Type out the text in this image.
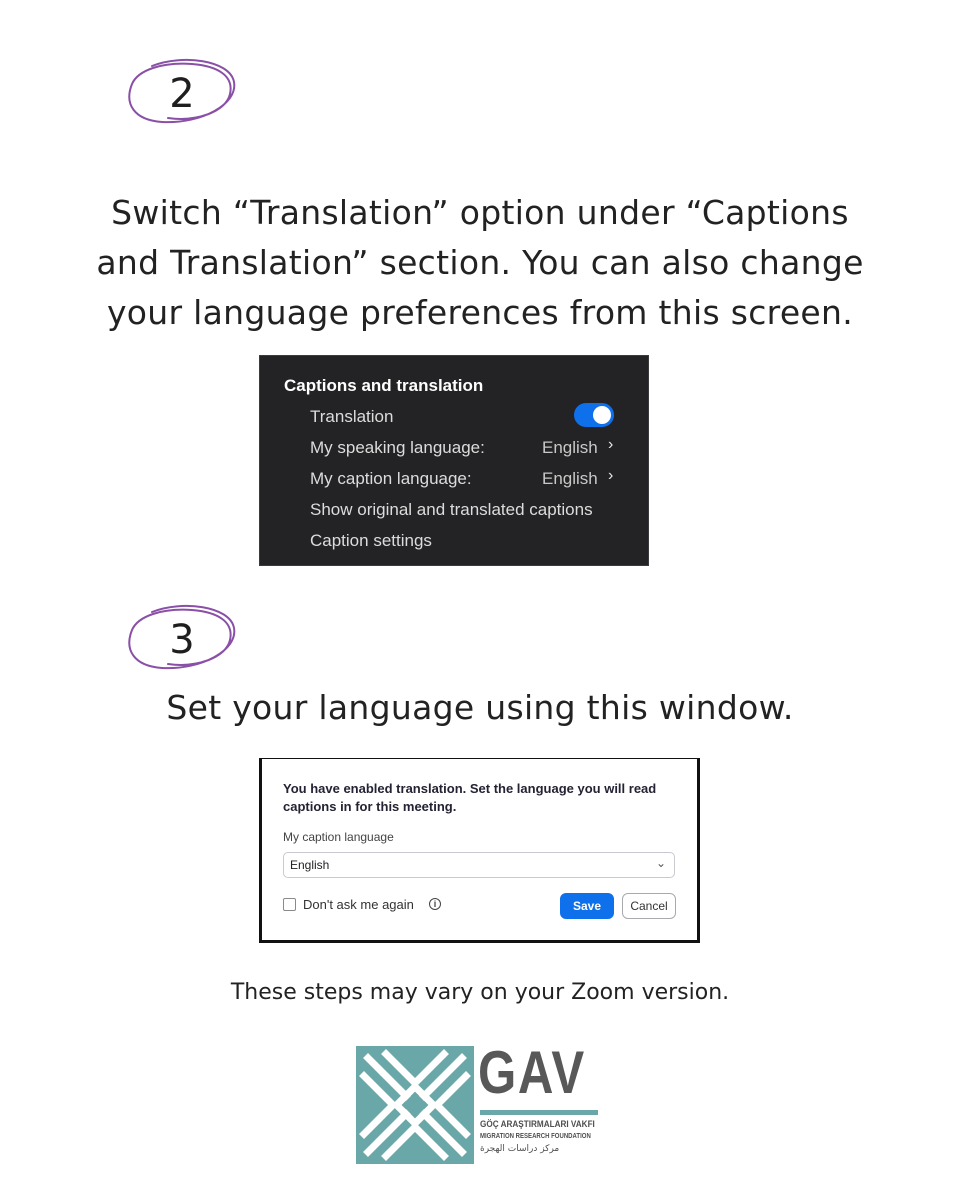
2
Switch “Translation” option under “Captions
and Translation” section. You can also change
your language preferences from this screen.
Captions and translation
Translation
My speaking language:	English ›
My caption language:	English ›
Show original and translated captions
Caption settings
3
Set your language using this window.
You have enabled translation. Set the language you will read captions in for this meeting.
My caption language
English	⌄
Don't ask me again	i	Save	Cancel
These steps may vary on your Zoom version.
GAV
GÖÇ ARAŞTIRMALARI VAKFI
MIGRATION RESEARCH FOUNDATION
مركز دراسات الهجرة
